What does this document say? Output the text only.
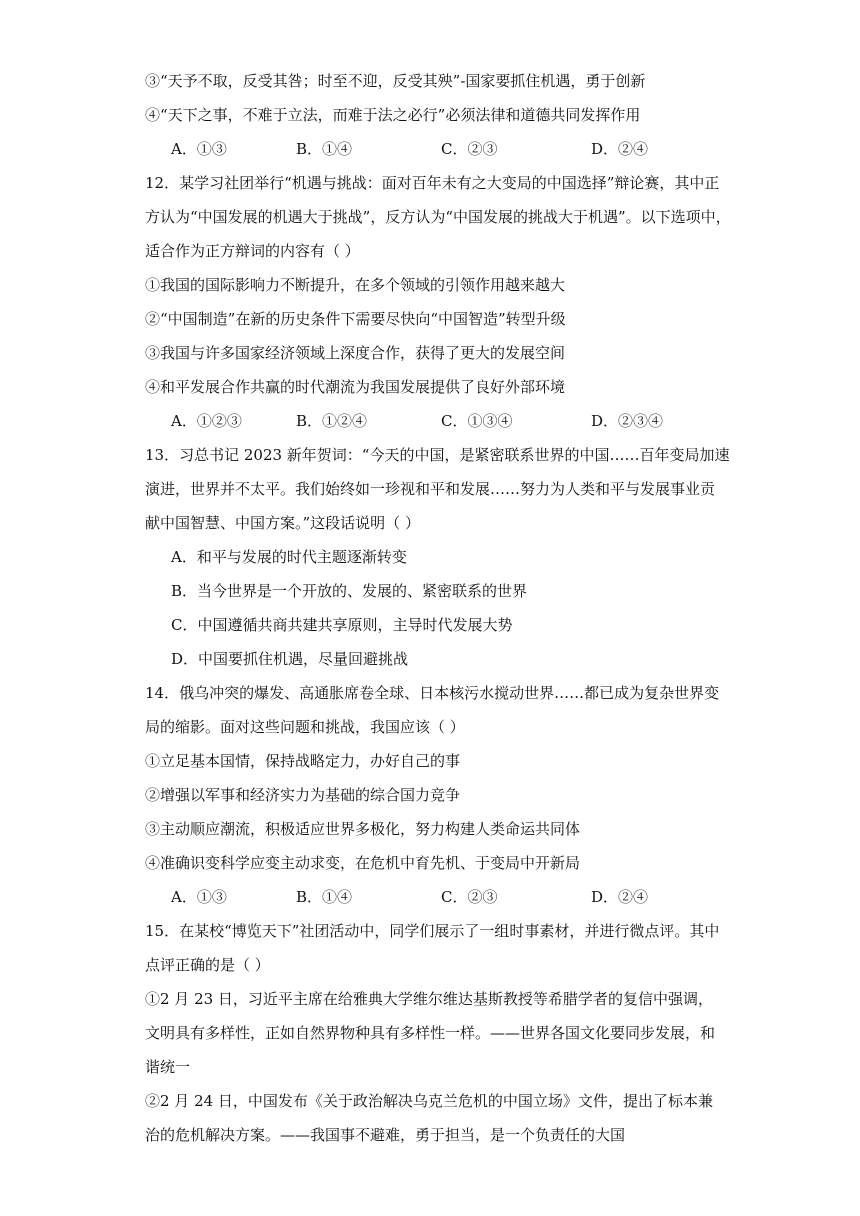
③“天予不取，反受其咎；时至不迎，反受其殃”-国家要抓住机遇，勇于创新
④“天下之事，不难于立法，而难于法之必行”必须法律和道德共同发挥作用
A．①③	B．①④	C．②③	D．②④
12．某学习社团举行“机遇与挑战：面对百年未有之大变局的中国选择”辩论赛，其中正
方认为“中国发展的机遇大于挑战”，反方认为“中国发展的挑战大于机遇”。以下选项中，
适合作为正方辩词的内容有（ ）
①我国的国际影响力不断提升，在多个领域的引领作用越来越大
②“中国制造”在新的历史条件下需要尽快向“中国智造”转型升级
③我国与许多国家经济领域上深度合作，获得了更大的发展空间
④和平发展合作共赢的时代潮流为我国发展提供了良好外部环境
A．①②③	B．①②④	C．①③④	D．②③④
13．习总书记 2023 新年贺词：“今天的中国，是紧密联系世界的中国……百年变局加速
演进，世界并不太平。我们始终如一珍视和平和发展……努力为人类和平与发展事业贡
献中国智慧、中国方案。”这段话说明（ ）
A．和平与发展的时代主题逐渐转变
B．当今世界是一个开放的、发展的、紧密联系的世界
C．中国遵循共商共建共享原则，主导时代发展大势
D．中国要抓住机遇，尽量回避挑战
14．俄乌冲突的爆发、高通胀席卷全球、日本核污水搅动世界……都已成为复杂世界变
局的缩影。面对这些问题和挑战，我国应该（ ）
①立足基本国情，保持战略定力，办好自己的事
②增强以军事和经济实力为基础的综合国力竞争
③主动顺应潮流，积极适应世界多极化，努力构建人类命运共同体
④准确识变科学应变主动求变，在危机中育先机、于变局中开新局
A．①③	B．①④	C．②③	D．②④
15．在某校“博览天下”社团活动中，同学们展示了一组时事素材，并进行微点评。其中
点评正确的是（ ）
①2 月 23 日，习近平主席在给雅典大学维尔维达基斯教授等希腊学者的复信中强调，
文明具有多样性，正如自然界物种具有多样性一样。——世界各国文化要同步发展，和
谐统一
②2 月 24 日，中国发布《关于政治解决乌克兰危机的中国立场》文件，提出了标本兼
治的危机解决方案。——我国事不避难，勇于担当，是一个负责任的大国
